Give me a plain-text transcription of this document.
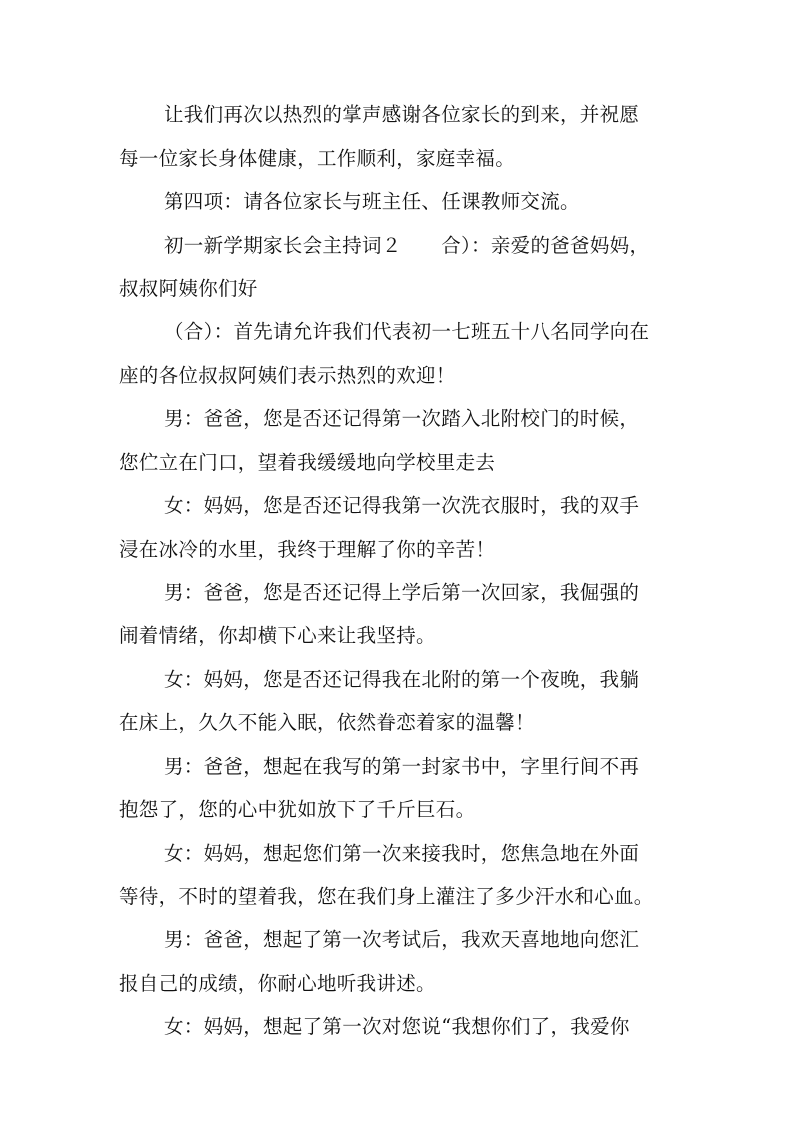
让我们再次以热烈的掌声感谢各位家长的到来，并祝愿
每一位家长身体健康，工作顺利，家庭幸福。
第四项：请各位家长与班主任、任课教师交流。
初一新学期家长会主持词２　　合）：亲爱的爸爸妈妈，
叔叔阿姨你们好
（合）：首先请允许我们代表初一七班五十八名同学向在
座的各位叔叔阿姨们表示热烈的欢迎！
男：爸爸，您是否还记得第一次踏入北附校门的时候，
您伫立在门口，望着我缓缓地向学校里走去
女：妈妈，您是否还记得我第一次洗衣服时，我的双手
浸在冰冷的水里，我终于理解了你的辛苦！
男：爸爸，您是否还记得上学后第一次回家，我倔强的
闹着情绪，你却横下心来让我坚持。
女：妈妈，您是否还记得我在北附的第一个夜晚，我躺
在床上，久久不能入眠，依然眷恋着家的温馨！
男：爸爸，想起在我写的第一封家书中，字里行间不再
抱怨了，您的心中犹如放下了千斤巨石。
女：妈妈，想起您们第一次来接我时，您焦急地在外面
等待，不时的望着我，您在我们身上灌注了多少汗水和心血。
男：爸爸，想起了第一次考试后，我欢天喜地地向您汇
报自己的成绩，你耐心地听我讲述。
女：妈妈，想起了第一次对您说“我想你们了，我爱你
